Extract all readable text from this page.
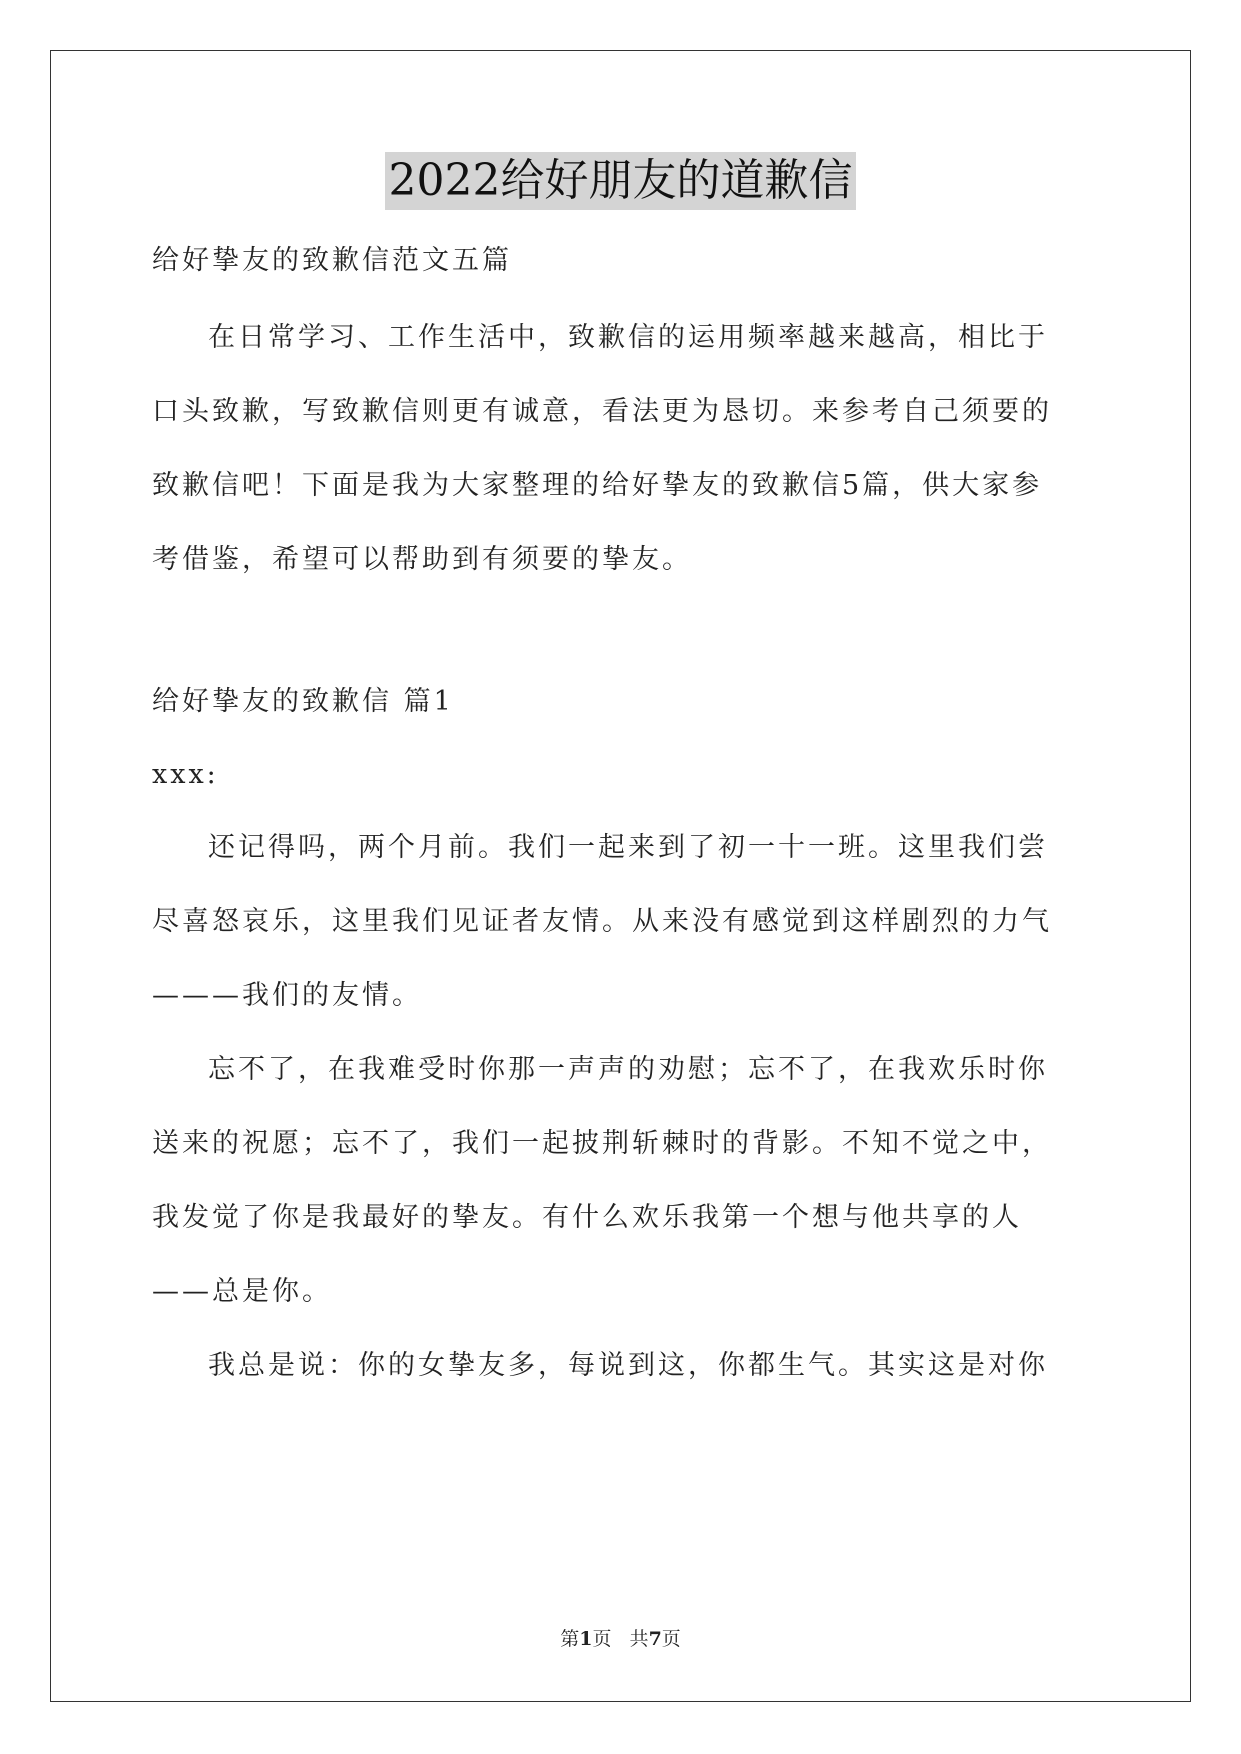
2022给好朋友的道歉信
给好挚友的致歉信范文五篇
在日常学习、工作生活中，致歉信的运用频率越来越高，相比于
口头致歉，写致歉信则更有诚意，看法更为恳切。来参考自己须要的
致歉信吧！下面是我为大家整理的给好挚友的致歉信5篇，供大家参
考借鉴，希望可以帮助到有须要的挚友。
给好挚友的致歉信 篇1
xxx:
还记得吗，两个月前。我们一起来到了初一十一班。这里我们尝
尽喜怒哀乐，这里我们见证者友情。从来没有感觉到这样剧烈的力气
———我们的友情。
忘不了，在我难受时你那一声声的劝慰；忘不了，在我欢乐时你
送来的祝愿；忘不了，我们一起披荆斩棘时的背影。不知不觉之中，
我发觉了你是我最好的挚友。有什么欢乐我第一个想与他共享的人
——总是你。
我总是说：你的女挚友多，每说到这，你都生气。其实这是对你
第1页   共7页
